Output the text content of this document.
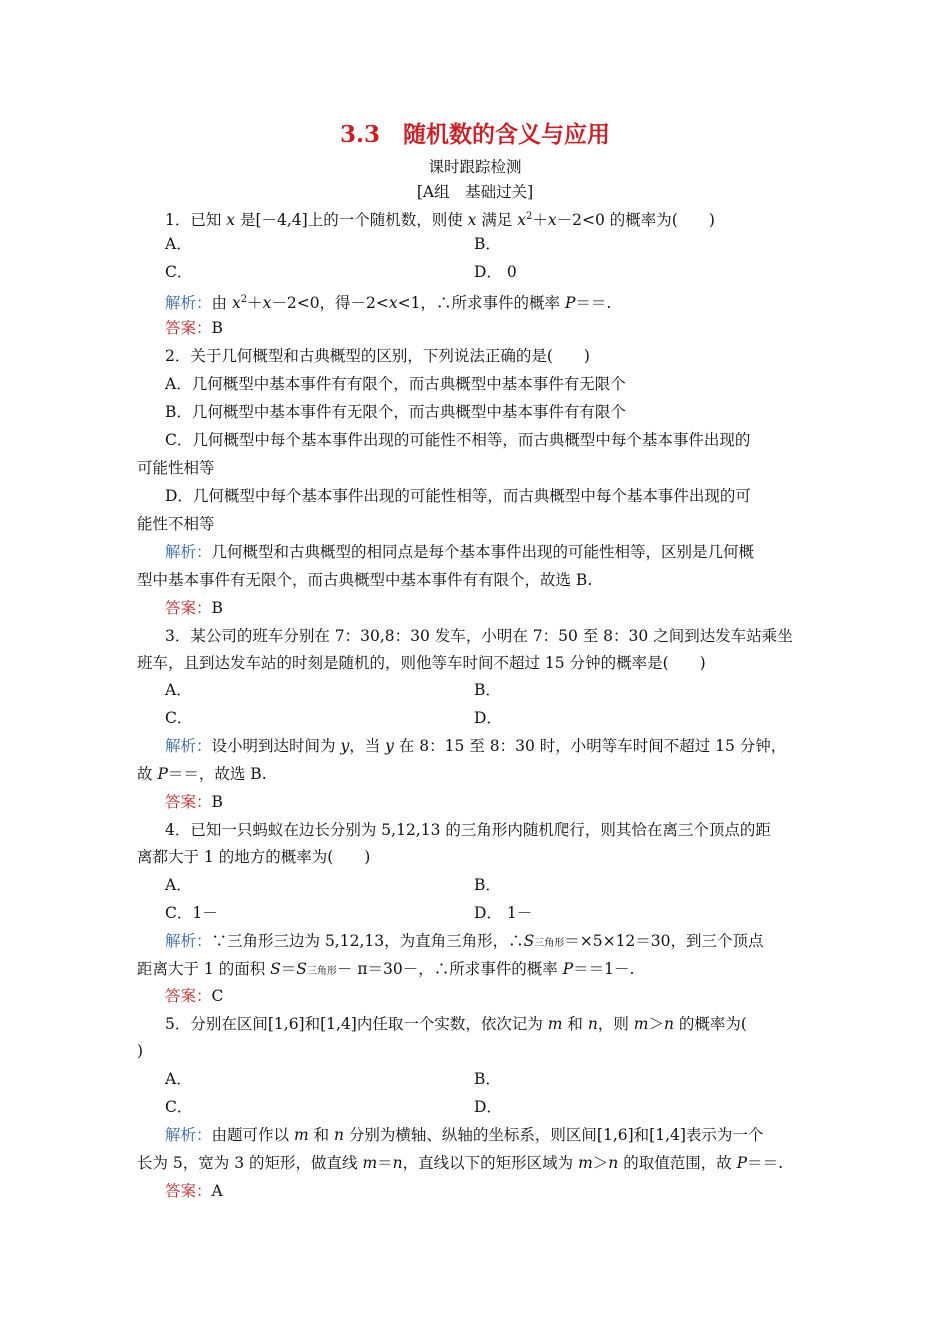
3.3　随机数的含义与应用
课时跟踪检测
[A组　基础过关]
1．已知 x 是[－4,4]上的一个随机数，则使 x 满足 $x^2+x-2<0$ 的概率为(　　)
A．	B．
C．	D． 0
解析：由 $x^2+x-2<0$，得－2<x<1，∴所求事件的概率 P＝＝.
答案：B
2．关于几何概型和古典概型的区别，下列说法正确的是(　　)
A．几何概型中基本事件有有限个，而古典概型中基本事件有无限个
B．几何概型中基本事件有无限个，而古典概型中基本事件有有限个
C．几何概型中每个基本事件出现的可能性不相等，而古典概型中每个基本事件出现的
可能性相等
D．几何概型中每个基本事件出现的可能性相等，而古典概型中每个基本事件出现的可
能性不相等
解析：几何概型和古典概型的相同点是每个基本事件出现的可能性相等，区别是几何概
型中基本事件有无限个，而古典概型中基本事件有有限个，故选 B.
答案：B
3．某公司的班车分别在 7：30,8：30 发车，小明在 7：50 至 8：30 之间到达发车站乘坐
班车，且到达发车站的时刻是随机的，则他等车时间不超过 15 分钟的概率是(　　)
A．	B．
C．	D．
解析：设小明到达时间为 y，当 y 在 8：15 至 8：30 时，小明等车时间不超过 15 分钟，
故 P＝＝，故选 B.
答案：B
4．已知一只蚂蚁在边长分别为 5,12,13 的三角形内随机爬行，则其恰在离三个顶点的距
离都大于 1 的地方的概率为(　　)
A．	B．
C．1－	D． 1－
解析：∵三角形三边为 5,12,13，为直角三角形，∴S三角形＝×5×12＝30，到三个顶点
距离大于 1 的面积 S＝S三角形－ π＝30－，∴所求事件的概率 P＝＝1－.
答案：C
5．分别在区间[1,6]和[1,4]内任取一个实数，依次记为 m 和 n，则 m＞n 的概率为(
)
A．	B．
C．	D．
解析：由题可作以 m 和 n 分别为横轴、纵轴的坐标系，则区间[1,6]和[1,4]表示为一个
长为 5，宽为 3 的矩形，做直线 m＝n，直线以下的矩形区域为 m＞n 的取值范围，故 P＝＝.
答案：A
